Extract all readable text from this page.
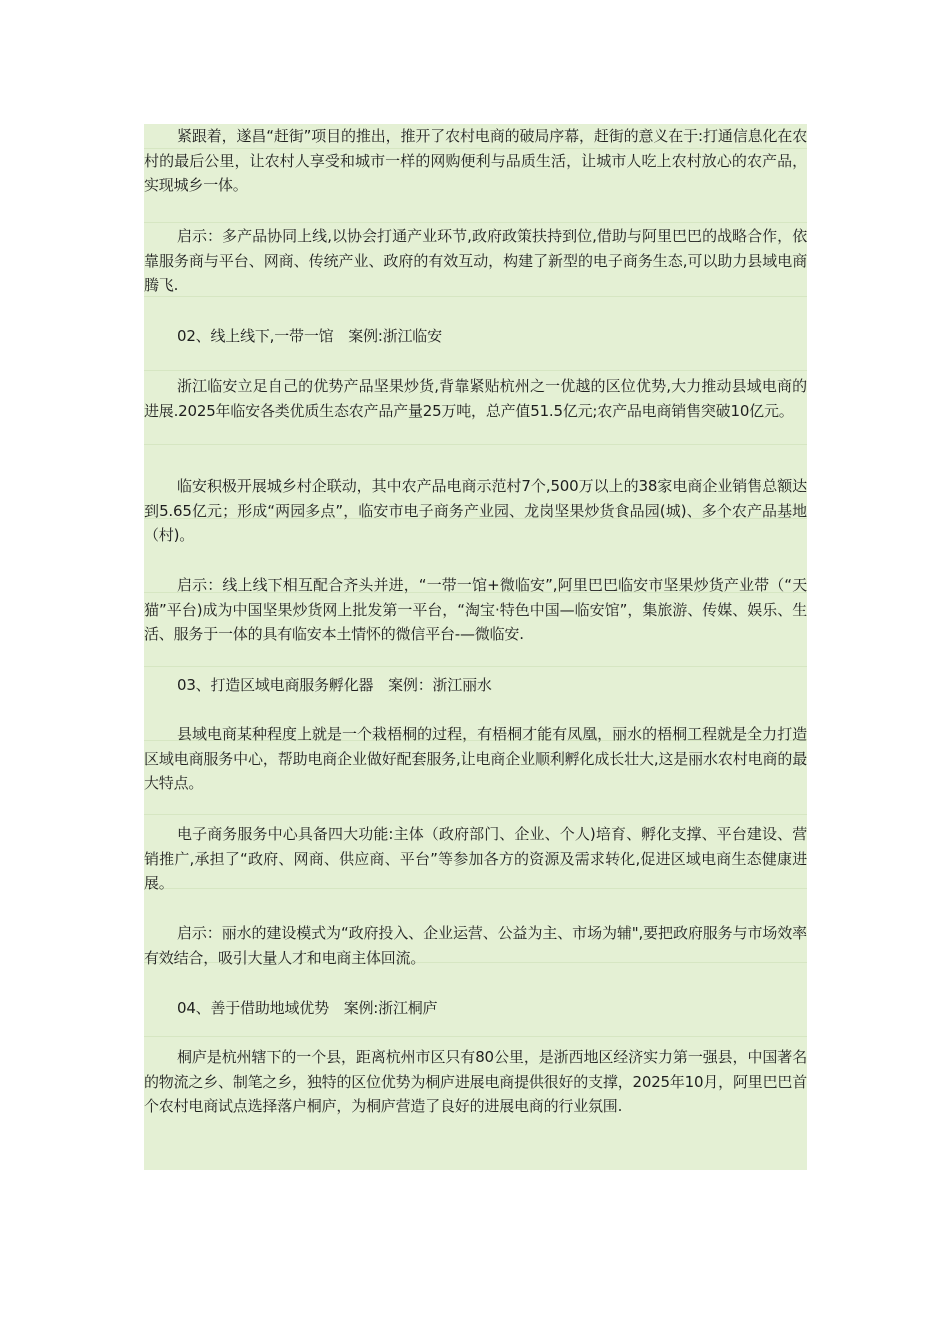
紧跟着，遂昌“赶街”项目的推出，推开了农村电商的破局序幕，赶街的意义在于:打通信息化在农村的最后公里，让农村人享受和城市一样的网购便利与品质生活，让城市人吃上农村放心的农产品，实现城乡一体。

启示：多产品协同上线,以协会打通产业环节,政府政策扶持到位,借助与阿里巴巴的战略合作，依靠服务商与平台、网商、传统产业、政府的有效互动，构建了新型的电子商务生态,可以助力县域电商腾飞.

02、线上线下,一带一馆　案例:浙江临安

浙江临安立足自己的优势产品坚果炒货,背靠紧贴杭州之一优越的区位优势,大力推动县域电商的进展.2025年临安各类优质生态农产品产量25万吨，总产值51.5亿元;农产品电商销售突破10亿元。

临安积极开展城乡村企联动，其中农产品电商示范村7个,500万以上的38家电商企业销售总额达到5.65亿元；形成“两园多点”，临安市电子商务产业园、龙岗坚果炒货食品园(城)、多个农产品基地（村)。

启示：线上线下相互配合齐头并进，“一带一馆+微临安”,阿里巴巴临安市坚果炒货产业带（“天猫”平台)成为中国坚果炒货网上批发第一平台，“淘宝·特色中国—临安馆”，集旅游、传媒、娱乐、生活、服务于一体的具有临安本土情怀的微信平台-—微临安.

03、打造区域电商服务孵化器　案例：浙江丽水

县域电商某种程度上就是一个栽梧桐的过程，有梧桐才能有凤凰，丽水的梧桐工程就是全力打造区域电商服务中心，帮助电商企业做好配套服务,让电商企业顺利孵化成长壮大,这是丽水农村电商的最大特点。

电子商务服务中心具备四大功能:主体（政府部门、企业、个人)培育、孵化支撑、平台建设、营销推广,承担了“政府、网商、供应商、平台”等参加各方的资源及需求转化,促进区域电商生态健康进展。

启示：丽水的建设模式为“政府投入、企业运营、公益为主、市场为辅",要把政府服务与市场效率有效结合，吸引大量人才和电商主体回流。

04、善于借助地域优势　案例:浙江桐庐

桐庐是杭州辖下的一个县，距离杭州市区只有80公里，是浙西地区经济实力第一强县，中国著名的物流之乡、制笔之乡，独特的区位优势为桐庐进展电商提供很好的支撑，2025年10月，阿里巴巴首个农村电商试点选择落户桐庐，为桐庐营造了良好的进展电商的行业氛围.
